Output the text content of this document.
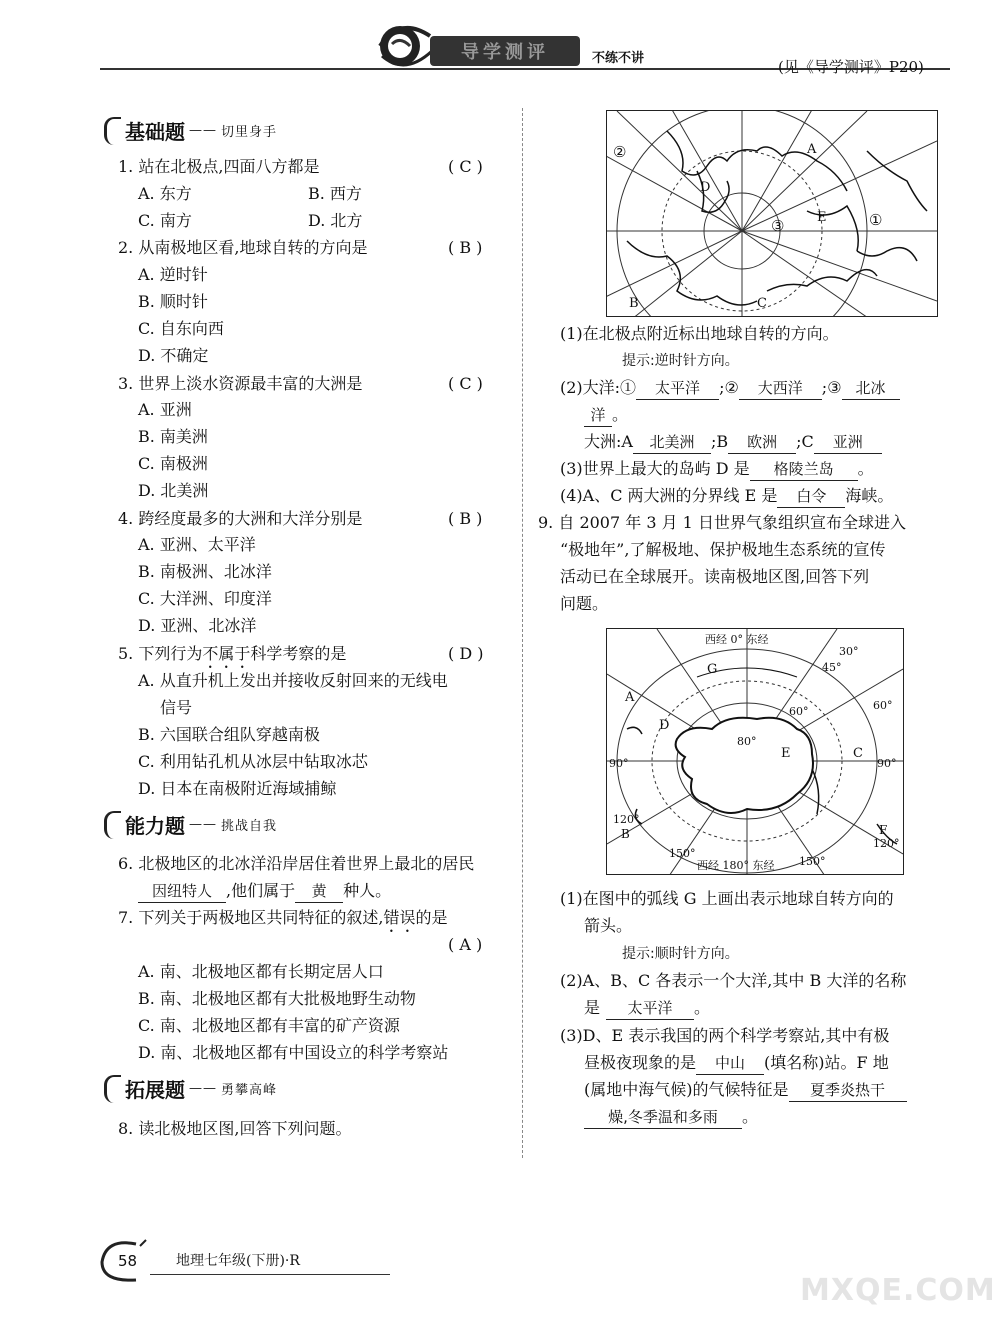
导学测评	不练不讲	(见《导学测评》P20)
基础题 —— 切里身手
1. 站在北极点,四面八方都是	( C )
A. 东方	B. 西方
C. 南方	D. 北方
2. 从南极地区看,地球自转的方向是	( B )
A. 逆时针
B. 顺时针
C. 自东向西
D. 不确定
3. 世界上淡水资源最丰富的大洲是	( C )
A. 亚洲
B. 南美洲
C. 南极洲
D. 北美洲
4. 跨经度最多的大洲和大洋分别是	( B )
A. 亚洲、太平洋
B. 南极洲、北冰洋
C. 大洋洲、印度洋
D. 亚洲、北冰洋
5. 下列行为不属于科学考察的是	( D )
A. 从直升机上发出并接收反射回来的无线电
信号
B. 六国联合组队穿越南极
C. 利用钻孔机从冰层中钻取冰芯
D. 日本在南极附近海域捕鲸
能力题 —— 挑战自我
6. 北极地区的北冰洋沿岸居住着世界上最北的居民
因纽特人 ,他们属于 黄 种人。
7. 下列关于两极地区共同特征的叙述,错误的是
( A )
A. 南、北极地区都有长期定居人口
B. 南、北极地区都有大批极地野生动物
C. 南、北极地区都有丰富的矿产资源
D. 南、北极地区都有中国设立的科学考察站
拓展题 —— 勇攀高峰
8. 读北极地区图,回答下列问题。
②	A
D
③	E	①
B	C
(1)在北极点附近标出地球自转的方向。
提示:逆时针方向。
(2)大洋:① 太平洋 ;② 大西洋 ;③ 北冰
洋 。
大洲:A 北美洲 ;B 欧洲 ;C 亚洲
(3)世界上最大的岛屿 D 是 格陵兰岛 。
(4)A、C 两大洲的分界线 E 是 白令 海峡。
9. 自 2007 年 3 月 1 日世界气象组织宣布全球进入
“极地年”,了解极地、保护极地生态系统的宣传
活动已在全球展开。读南极地区图,回答下列
问题。
西经 0° 东经
30°
45°
G
A
60°	60°
D
80°
E	C
90°	90°
120°
B	F
120°
150°
150°
西经 180° 东经
(1)在图中的弧线 G 上画出表示地球自转方向的
箭头。
提示:顺时针方向。
(2)A、B、C 各表示一个大洋,其中 B 大洋的名称
是 太平洋 。
(3)D、E 表示我国的两个科学考察站,其中有极
昼极夜现象的是 中山 (填名称)站。F 地
(属地中海气候)的气候特征是 夏季炎热干
燥,冬季温和多雨 。
58	地理七年级(下册)·R
MXQE.COM
